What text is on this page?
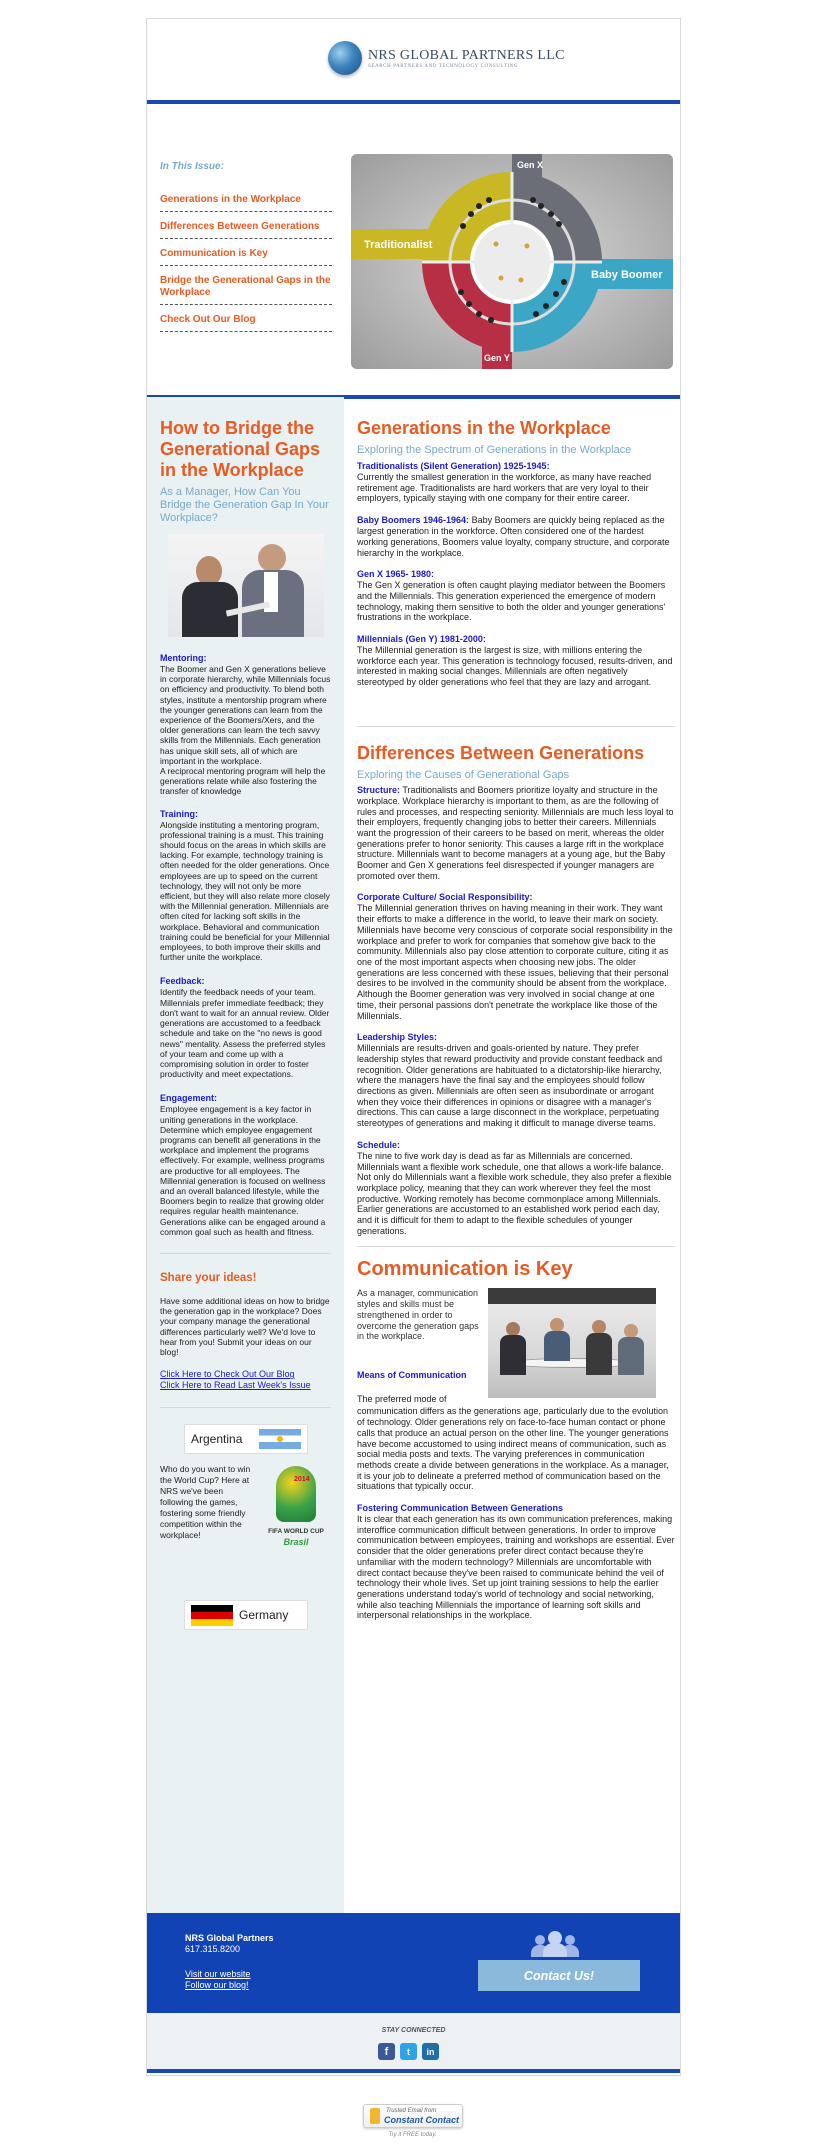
NRS GLOBAL PARTNERS LLC
SEARCH PARTNERS AND TECHNOLOGY CONSULTING
In This Issue:
Generations in the Workplace
Differences Between Generations
Communication is Key
Bridge the Generational Gaps in the Workplace
Check Out Our Blog
Traditionalist
Gen X
Baby Boomer
Gen Y
How to Bridge the Generational Gaps in the Workplace
As a Manager, How Can You Bridge the Generation Gap In Your Workplace?
Mentoring:
The Boomer and Gen X generations believe in corporate hierarchy, while Millennials focus on efficiency and productivity. To blend both styles, institute a mentorship program where the younger generations can learn from the experience of the Boomers/Xers, and the older generations can learn the tech savvy skills from the Millennials. Each generation has unique skill sets, all of which are important in the workplace.
A reciprocal mentoring program will help the generations relate while also fostering the transfer of knowledge
Training:
Alongside instituting a mentoring program, professional training is a must. This training should focus on the areas in which skills are lacking. For example, technology training is often needed for the older generations. Once employees are up to speed on the current technology, they will not only be more efficient, but they will also relate more closely with the Millennial generation. Millennials are often cited for lacking soft skills in the workplace. Behavioral and communication training could be beneficial for your Millennial employees, to both improve their skills and further unite the workplace.
Feedback:
Identify the feedback needs of your team. Millennials prefer immediate feedback; they don't want to wait for an annual review. Older generations are accustomed to a feedback schedule and take on the "no news is good news" mentality. Assess the preferred styles of your team and come up with a compromising solution in order to foster productivity and meet expectations.
Engagement:
Employee engagement is a key factor in uniting generations in the workplace. Determine which employee engagement programs can benefit all generations in the workplace and implement the programs effectively. For example, wellness programs are productive for all employees. The Millennial generation is focused on wellness and an overall balanced lifestyle, while the Boomers begin to realize that growing older requires regular health maintenance. Generations alike can be engaged around a common goal such as health and fitness.
Share your ideas!
Have some additional ideas on how to bridge the generation gap in the workplace? Does your company manage the generational differences particularly well? We'd love to hear from you! Submit your ideas on our blog!
Click Here to Check Out Our Blog
Click Here to Read Last Week's Issue
Argentina
Who do you want to win the World Cup? Here at NRS we've been following the games, fostering some friendly competition within the workplace!
2014
FIFA WORLD CUP
Brasil
Germany
Generations in the Workplace
Exploring the Spectrum of Generations in the Workplace
Traditionalists (Silent Generation) 1925-1945:
Currently the smallest generation in the workforce, as many have reached retirement age. Traditionalists are hard workers that are very loyal to their employers, typically staying with one company for their entire career.
Baby Boomers 1946-1964: Baby Boomers are quickly being replaced as the largest generation in the workforce. Often considered one of the hardest working generations, Boomers value loyalty, company structure, and corporate hierarchy in the workplace.
Gen X 1965- 1980:
The Gen X generation is often caught playing mediator between the Boomers and the Millennials. This generation experienced the emergence of modern technology, making them sensitive to both the older and younger generations' frustrations in the workplace.
Millennials (Gen Y) 1981-2000:
The Millennial generation is the largest is size, with millions entering the workforce each year. This generation is technology focused, results-driven, and interested in making social changes. Millennials are often negatively stereotyped by older generations who feel that they are lazy and arrogant.
Differences Between Generations
Exploring the Causes of Generational Gaps
Structure: Traditionalists and Boomers prioritize loyalty and structure in the workplace. Workplace hierarchy is important to them, as are the following of rules and processes, and respecting seniority. Millennials are much less loyal to their employers, frequently changing jobs to better their careers. Millennials want the progression of their careers to be based on merit, whereas the older generations prefer to honor seniority. This causes a large rift in the workplace structure. Millennials want to become managers at a young age, but the Baby Boomer and Gen X generations feel disrespected if younger managers are promoted over them.
Corporate Culture/ Social Responsibility:
The Millennial generation thrives on having meaning in their work. They want their efforts to make a difference in the world, to leave their mark on society. Millennials have become very conscious of corporate social responsibility in the workplace and prefer to work for companies that somehow give back to the community. Millennials also pay close attention to corporate culture, citing it as one of the most important aspects when choosing new jobs. The older generations are less concerned with these issues, believing that their personal desires to be involved in the community should be absent from the workplace. Although the Boomer generation was very involved in social change at one time, their personal passions don't penetrate the workplace like those of the Millennials.
Leadership Styles:
Millennials are results-driven and goals-oriented by nature. They prefer leadership styles that reward productivity and provide constant feedback and recognition. Older generations are habituated to a dictatorship-like hierarchy, where the managers have the final say and the employees should follow directions as given. Millennials are often seen as insubordinate or arrogant when they voice their differences in opinions or disagree with a manager's directions. This can cause a large disconnect in the workplace, perpetuating stereotypes of generations and making it difficult to manage diverse teams.
Schedule:
The nine to five work day is dead as far as Millennials are concerned. Millennials want a flexible work schedule, one that allows a work-life balance. Not only do Millennials want a flexible work schedule, they also prefer a flexible workplace policy, meaning that they can work wherever they feel the most productive. Working remotely has become commonplace among Millennials. Earlier generations are accustomed to an established work period each day, and it is difficult for them to adapt to the flexible schedules of younger generations.
Communication is Key
As a manager, communication styles and skills must be strengthened in order to overcome the generation gaps in the workplace.
Means of Communication
The preferred mode of
communication differs as the generations age, particularly due to the evolution of technology. Older generations rely on face-to-face human contact or phone calls that produce an actual person on the other line. The younger generations have become accustomed to using indirect means of communication, such as social media posts and texts. The varying preferences in communication methods create a divide between generations in the workplace. As a manager, it is your job to delineate a preferred method of communication based on the situations that typically occur.
Fostering Communication Between Generations
It is clear that each generation has its own communication preferences, making interoffice communication difficult between generations. In order to improve communication between employees, training and workshops are essential. Ever consider that the older generations prefer direct contact because they're unfamiliar with the modern technology? Millennials are uncomfortable with direct contact because they've been raised to communicate behind the veil of technology their whole lives. Set up joint training sessions to help the earlier generations understand today's world of technology and social networking, while also teaching Millennials the importance of learning soft skills and interpersonal relationships in the workplace.
NRS Global Partners
617.315.8200
Visit our website
Follow our blog!
Contact Us!
STAY CONNECTED
f	t	in
Trusted Email from
Constant Contact
Try it FREE today.
